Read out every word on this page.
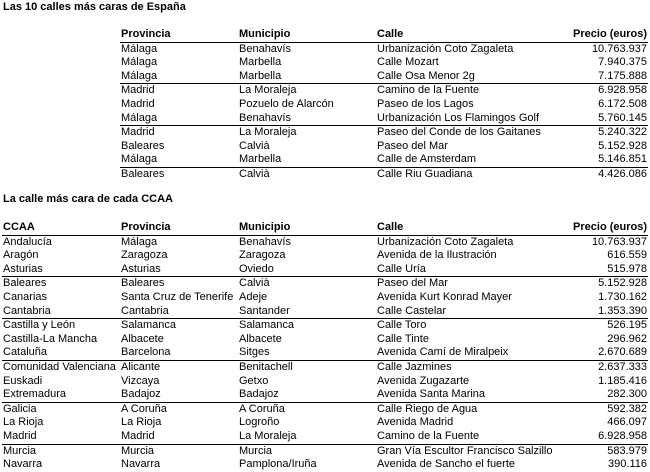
Las 10 calles más caras de España
Provincia	Municipio	Calle	Precio (euros)
Málaga	Benahavís	Urbanización Coto Zagaleta	10.763.937
Málaga	Marbella	Calle Mozart	7.940.375
Málaga	Marbella	Calle Osa Menor 2g	7.175.888
Madrid	La Moraleja	Camino de la Fuente	6.928.958
Madrid	Pozuelo de Alarcón	Paseo de los Lagos	6.172.508
Málaga	Benahavís	Urbanización Los Flamingos Golf	5.760.145
Madrid	La Moraleja	Paseo del Conde de los Gaitanes	5.240.322
Baleares	Calvià	Paseo del Mar	5.152.928
Málaga	Marbella	Calle de Amsterdam	5.146.851
Baleares	Calvià	Calle Riu Guadiana	4.426.086
La calle más cara de cada CCAA
CCAA	Provincia	Municipio	Calle	Precio (euros)
Andalucía	Málaga	Benahavís	Urbanización Coto Zagaleta	10.763.937
Aragón	Zaragoza	Zaragoza	Avenida de la Ilustración	616.559
Asturias	Asturias	Oviedo	Calle Uría	515.978
Baleares	Baleares	Calvià	Paseo del Mar	5.152.928
Canarias	Santa Cruz de Tenerife	Adeje	Avenida Kurt Konrad Mayer	1.730.162
Cantabria	Cantabria	Santander	Calle Castelar	1.353.390
Castilla y León	Salamanca	Salamanca	Calle Toro	526.195
Castilla-La Mancha	Albacete	Albacete	Calle Tinte	296.962
Cataluña	Barcelona	Sitges	Avenida Camí de Miralpeix	2.670.689
Comunidad Valenciana	Alicante	Benitachell	Calle Jazmines	2.637.333
Euskadi	Vizcaya	Getxo	Avenida Zugazarte	1.185.416
Extremadura	Badajoz	Badajoz	Avenida Santa Marina	282.300
Galicia	A Coruña	A Coruña	Calle Riego de Agua	592.382
La Rioja	La Rioja	Logroño	Avenida Madrid	466.097
Madrid	Madrid	La Moraleja	Camino de la Fuente	6.928.958
Murcia	Murcia	Murcia	Gran Vía Escultor Francisco Salzillo	583.979
Navarra	Navarra	Pamplona/Iruña	Avenida de Sancho el fuerte	390.116
